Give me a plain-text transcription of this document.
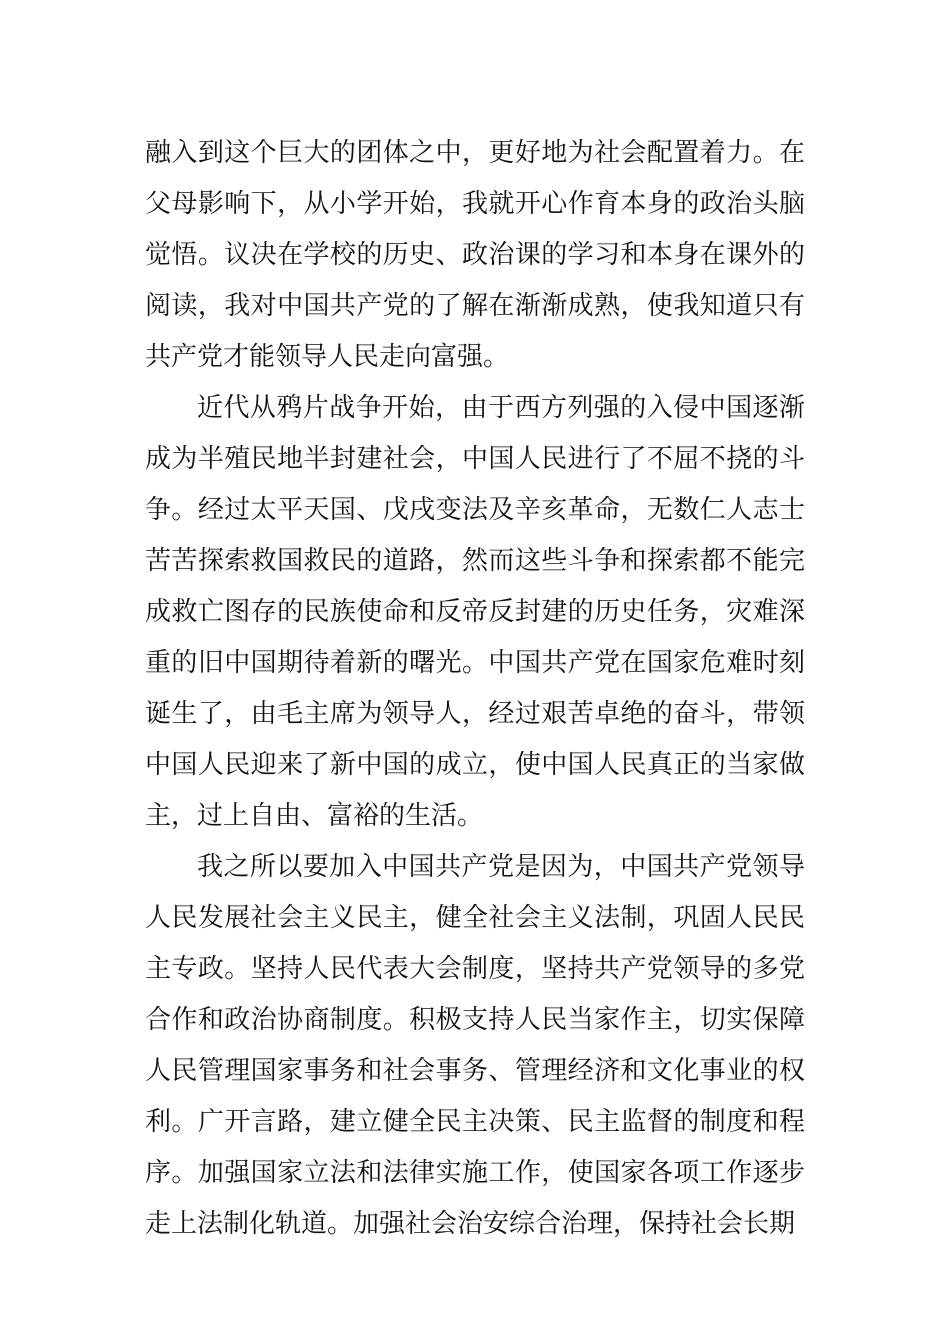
融入到这个巨大的团体之中，更好地为社会配置着力。在父母影响下，从小学开始，我就开心作育本身的政治头脑觉悟。议决在学校的历史、政治课的学习和本身在课外的阅读，我对中国共产党的了解在渐渐成熟，使我知道只有共产党才能领导人民走向富强。

近代从鸦片战争开始，由于西方列强的入侵中国逐渐成为半殖民地半封建社会，中国人民进行了不屈不挠的斗争。经过太平天国、戊戌变法及辛亥革命，无数仁人志士苦苦探索救国救民的道路，然而这些斗争和探索都不能完成救亡图存的民族使命和反帝反封建的历史任务，灾难深重的旧中国期待着新的曙光。中国共产党在国家危难时刻诞生了，由毛主席为领导人，经过艰苦卓绝的奋斗，带领中国人民迎来了新中国的成立，使中国人民真正的当家做主，过上自由、富裕的生活。

我之所以要加入中国共产党是因为，中国共产党领导人民发展社会主义民主，健全社会主义法制，巩固人民民主专政。坚持人民代表大会制度，坚持共产党领导的多党合作和政治协商制度。积极支持人民当家作主，切实保障人民管理国家事务和社会事务、管理经济和文化事业的权利。广开言路，建立健全民主决策、民主监督的制度和程序。加强国家立法和法律实施工作，使国家各项工作逐步走上法制化轨道。加强社会治安综合治理，保持社会长期
